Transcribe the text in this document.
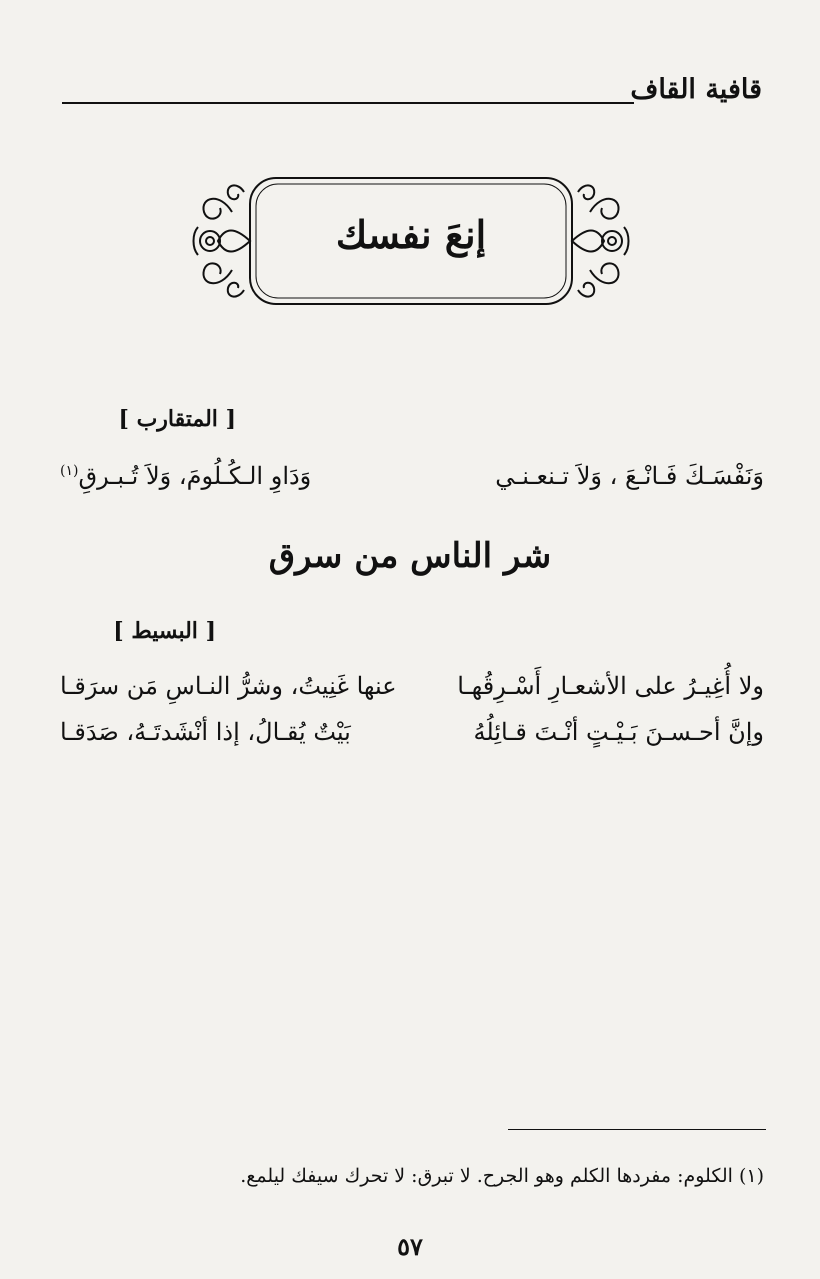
قافية القاف
إنعَ نفسك
[ المتقارب ]
وَنَفْسَـكَ فَـانْـعَ ، وَلاَ تـنعـنـي
وَدَاوِ الـكُـلُومَ، وَلاَ تُـبـرقِ$^{(١)}$
شر الناس من سرق
[ البسيط ]
ولا أُغِيـرُ على الأشعـارِ أَسْـرِقُهـا
عنها غَنِيتُ، وشرُّ النـاسِ مَن سرَقـا
وإنَّ أحـسـنَ بَـيْـتٍ أنْـتَ قـائِلُهُ
بَيْتٌ يُقـالُ، إذا أنْشَدتَـهُ، صَدَقـا
(١) الكلوم: مفردها الكلم وهو الجرح. لا تبرق: لا تحرك سيفك ليلمع.
٥٧
